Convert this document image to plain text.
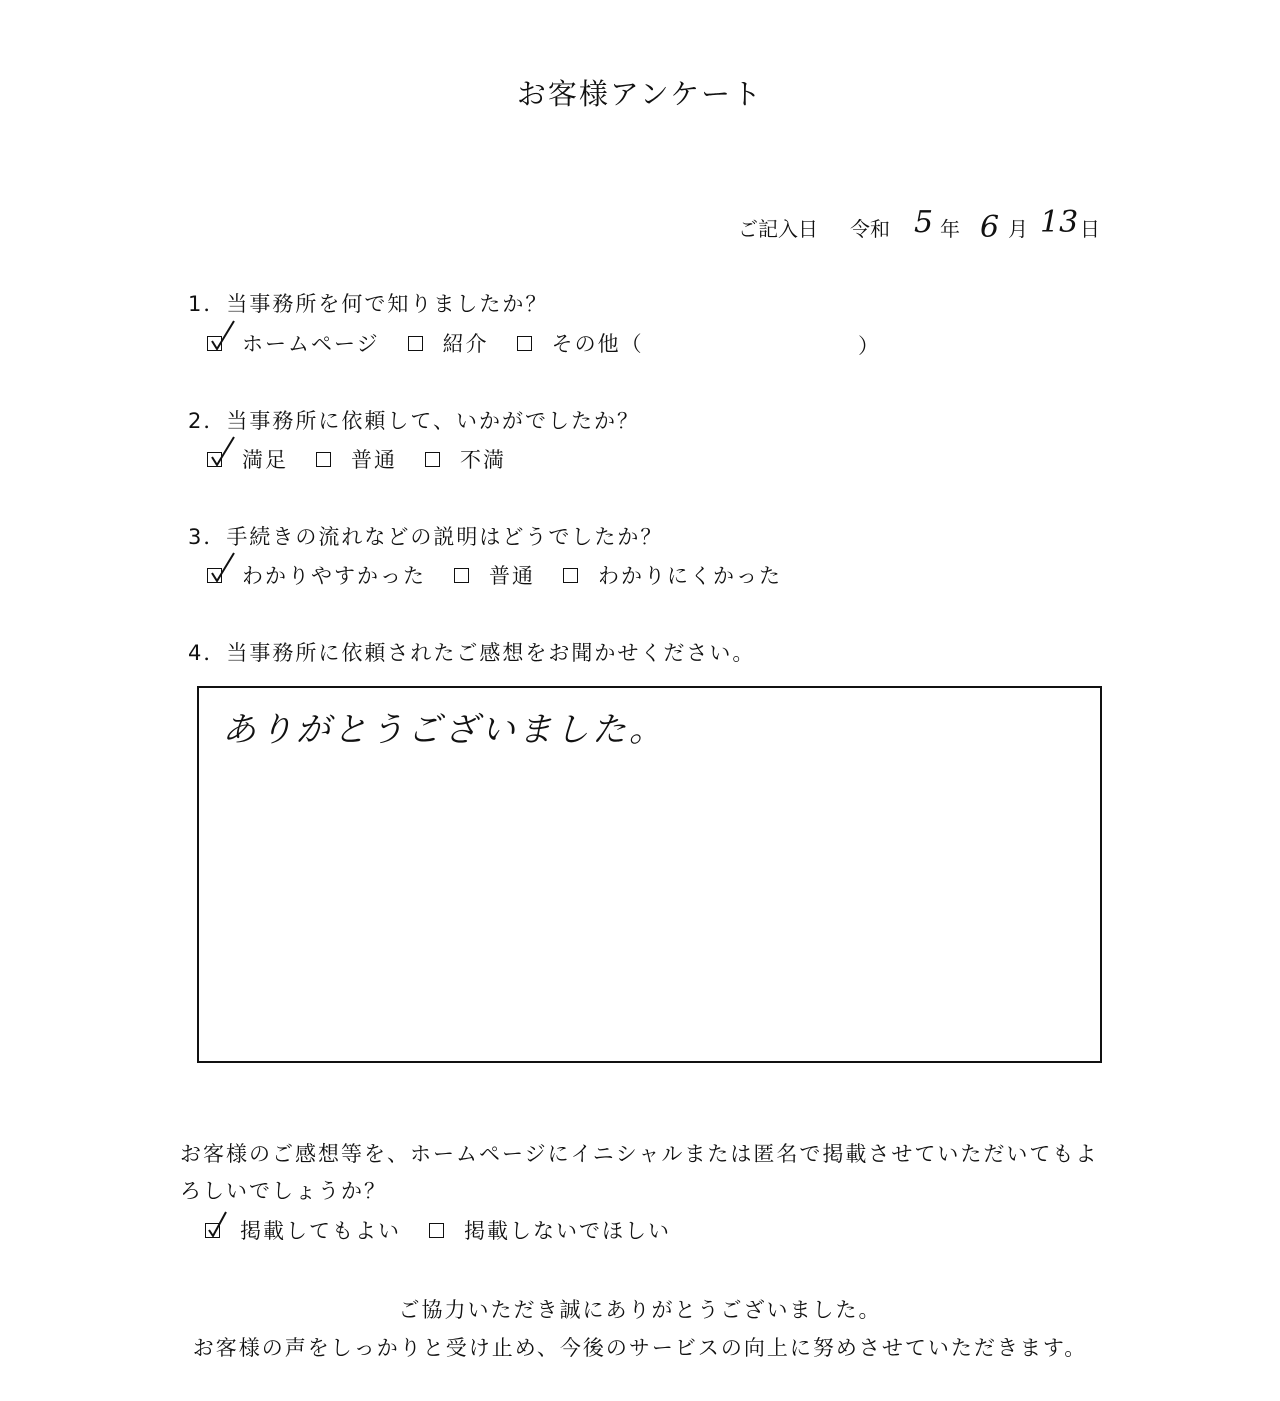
お客様アンケート
ご記入日 令和 5 年 6 月 13 日
1．当事務所を何で知りましたか？
ホームページ	紹介	その他（	）
2．当事務所に依頼して、いかがでしたか？
満足	普通	不満
3．手続きの流れなどの説明はどうでしたか？
わかりやすかった	普通	わかりにくかった
4．当事務所に依頼されたご感想をお聞かせください。
ありがとうございました。
お客様のご感想等を、ホームページにイニシャルまたは匿名で掲載させていただいてもよ
ろしいでしょうか？
掲載してもよい	掲載しないでほしい
ご協力いただき誠にありがとうございました。
お客様の声をしっかりと受け止め、今後のサービスの向上に努めさせていただきます。
